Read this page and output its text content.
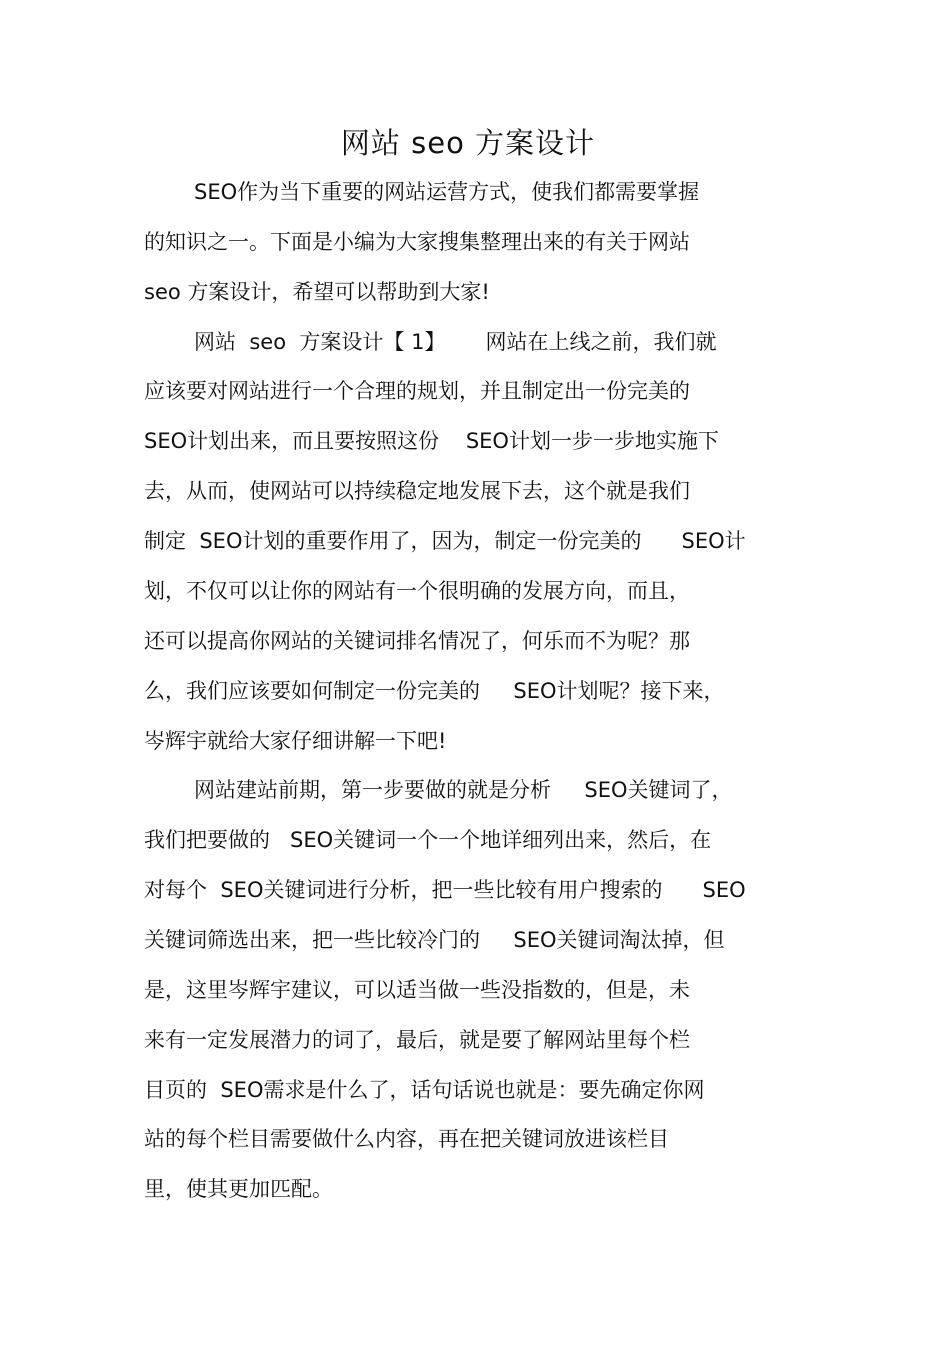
网站 seo 方案设计
SEO作为当下重要的网站运营方式，使我们都需要掌握
的知识之一。下面是小编为大家搜集整理出来的有关于网站
seo 方案设计，希望可以帮助到大家!
网站  seo  方案设计【 1】      网站在上线之前，我们就
应该要对网站进行一个合理的规划，并且制定出一份完美的
SEO计划出来，而且要按照这份    SEO计划一步一步地实施下
去，从而，使网站可以持续稳定地发展下去，这个就是我们
制定  SEO计划的重要作用了，因为，制定一份完美的      SEO计
划，不仅可以让你的网站有一个很明确的发展方向，而且，
还可以提高你网站的关键词排名情况了，何乐而不为呢？那
么，我们应该要如何制定一份完美的     SEO计划呢？接下来，
岑辉宇就给大家仔细讲解一下吧!
网站建站前期，第一步要做的就是分析     SEO关键词了，
我们把要做的   SEO关键词一个一个地详细列出来，然后，在
对每个  SEO关键词进行分析，把一些比较有用户搜索的      SEO
关键词筛选出来，把一些比较冷门的     SEO关键词淘汰掉，但
是，这里岑辉宇建议，可以适当做一些没指数的，但是，未
来有一定发展潜力的词了，最后，就是要了解网站里每个栏
目页的  SEO需求是什么了，话句话说也就是：要先确定你网
站的每个栏目需要做什么内容，再在把关键词放进该栏目
里，使其更加匹配。
